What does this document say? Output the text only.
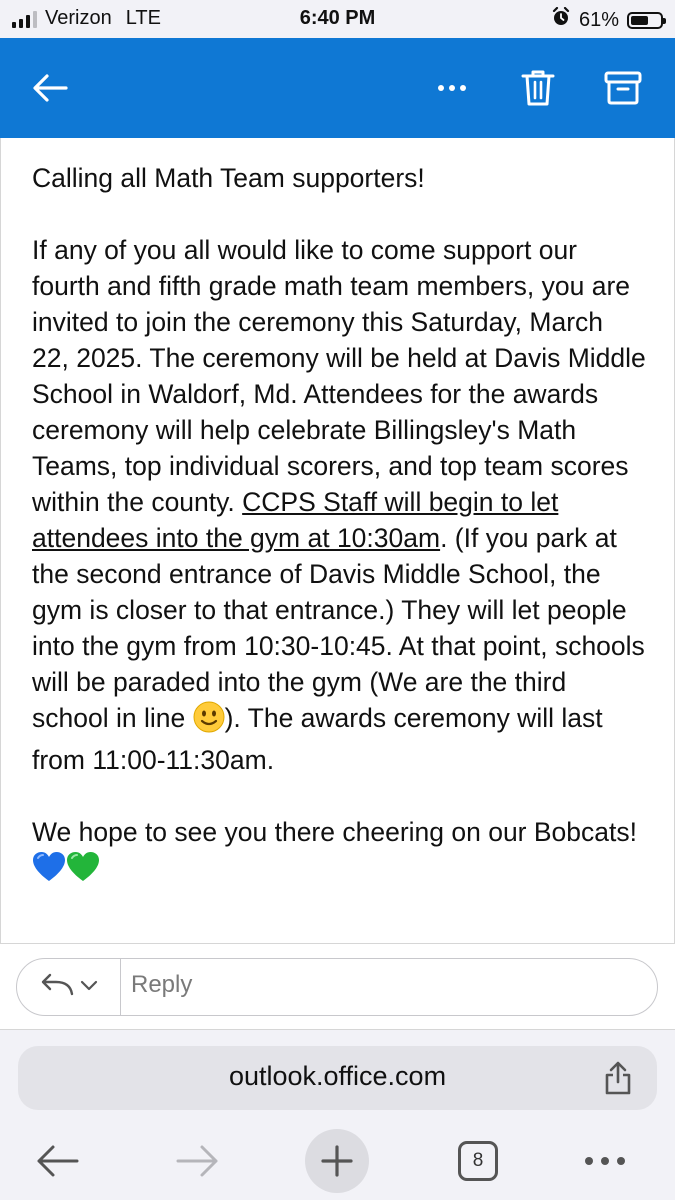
Verizon LTE	6:40 PM	61%

Calling all Math Team supporters!

If any of you all would like to come support our fourth and fifth grade math team members, you are invited to join the ceremony this Saturday, March 22, 2025. The ceremony will be held at Davis Middle School in Waldorf, Md. Attendees for the awards ceremony will help celebrate Billingsley's Math Teams, top individual scorers, and top team scores within the county. CCPS Staff will begin to let attendees into the gym at 10:30am. (If you park at the second entrance of Davis Middle School, the gym is closer to that entrance.) They will let people into the gym from 10:30-10:45. At that point, schools will be paraded into the gym (We are the third school in line ). The awards ceremony will last from 11:00-11:30am.

We hope to see you there cheering on our Bobcats!

Reply
outlook.office.com
8
